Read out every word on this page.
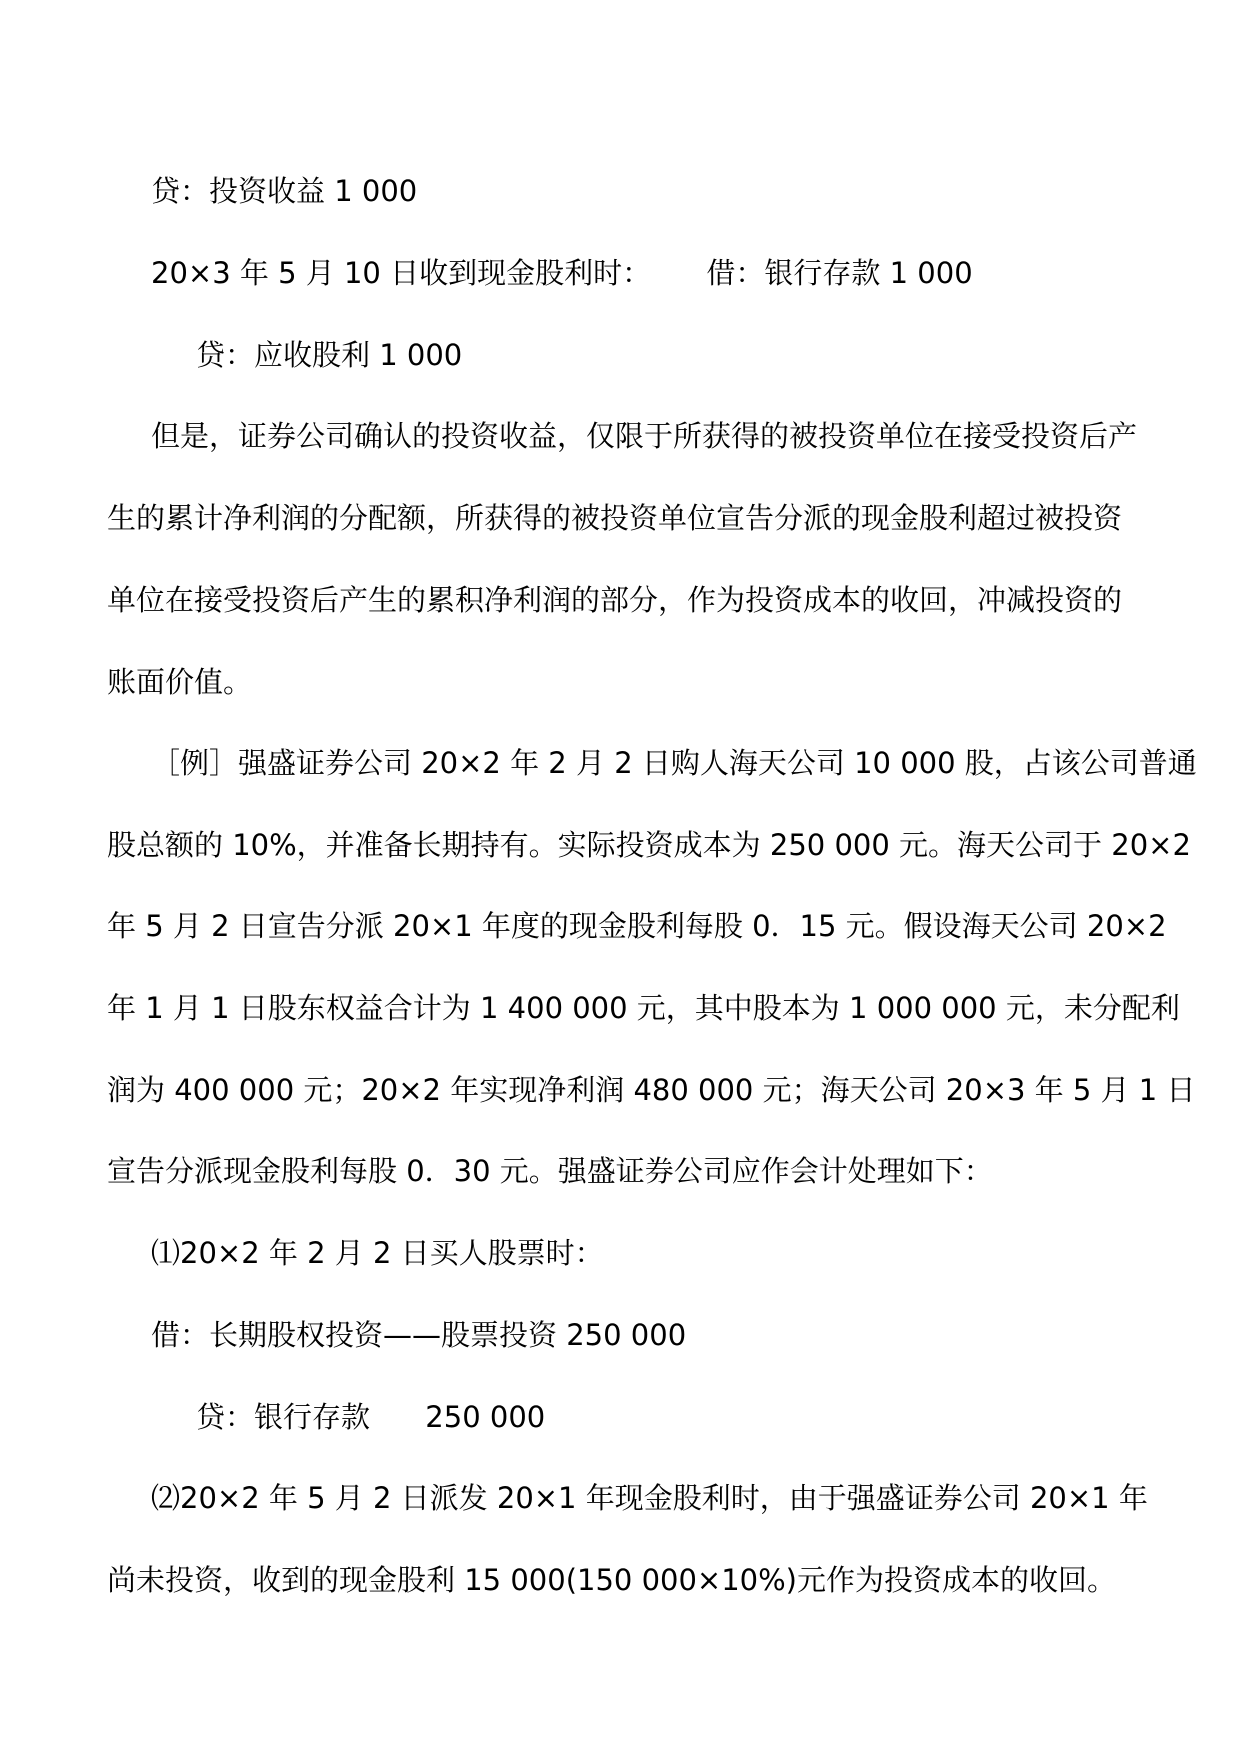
贷：投资收益 1 000
20×3 年 5 月 10 日收到现金股利时：      借：银行存款 1 000
贷：应收股利 1 000
但是，证券公司确认的投资收益，仅限于所获得的被投资单位在接受投资后产
生的累计净利润的分配额，所获得的被投资单位宣告分派的现金股利超过被投资
单位在接受投资后产生的累积净利润的部分，作为投资成本的收回，冲减投资的
账面价值。
［例］强盛证券公司 20×2 年 2 月 2 日购人海天公司 10 000 股，占该公司普通
股总额的 10%，并准备长期持有。实际投资成本为 250 000 元。海天公司于 20×2
年 5 月 2 日宣告分派 20×1 年度的现金股利每股 0．15 元。假设海天公司 20×2
年 1 月 1 日股东权益合计为 1 400 000 元，其中股本为 1 000 000 元，未分配利
润为 400 000 元；20×2 年实现净利润 480 000 元；海天公司 20×3 年 5 月 1 日
宣告分派现金股利每股 0．30 元。强盛证券公司应作会计处理如下：
⑴20×2 年 2 月 2 日买人股票时：
借：长期股权投资——股票投资 250 000
贷：银行存款      250 000
⑵20×2 年 5 月 2 日派发 20×1 年现金股利时，由于强盛证券公司 20×1 年
尚未投资，收到的现金股利 15 000(150 000×10%)元作为投资成本的收回。
